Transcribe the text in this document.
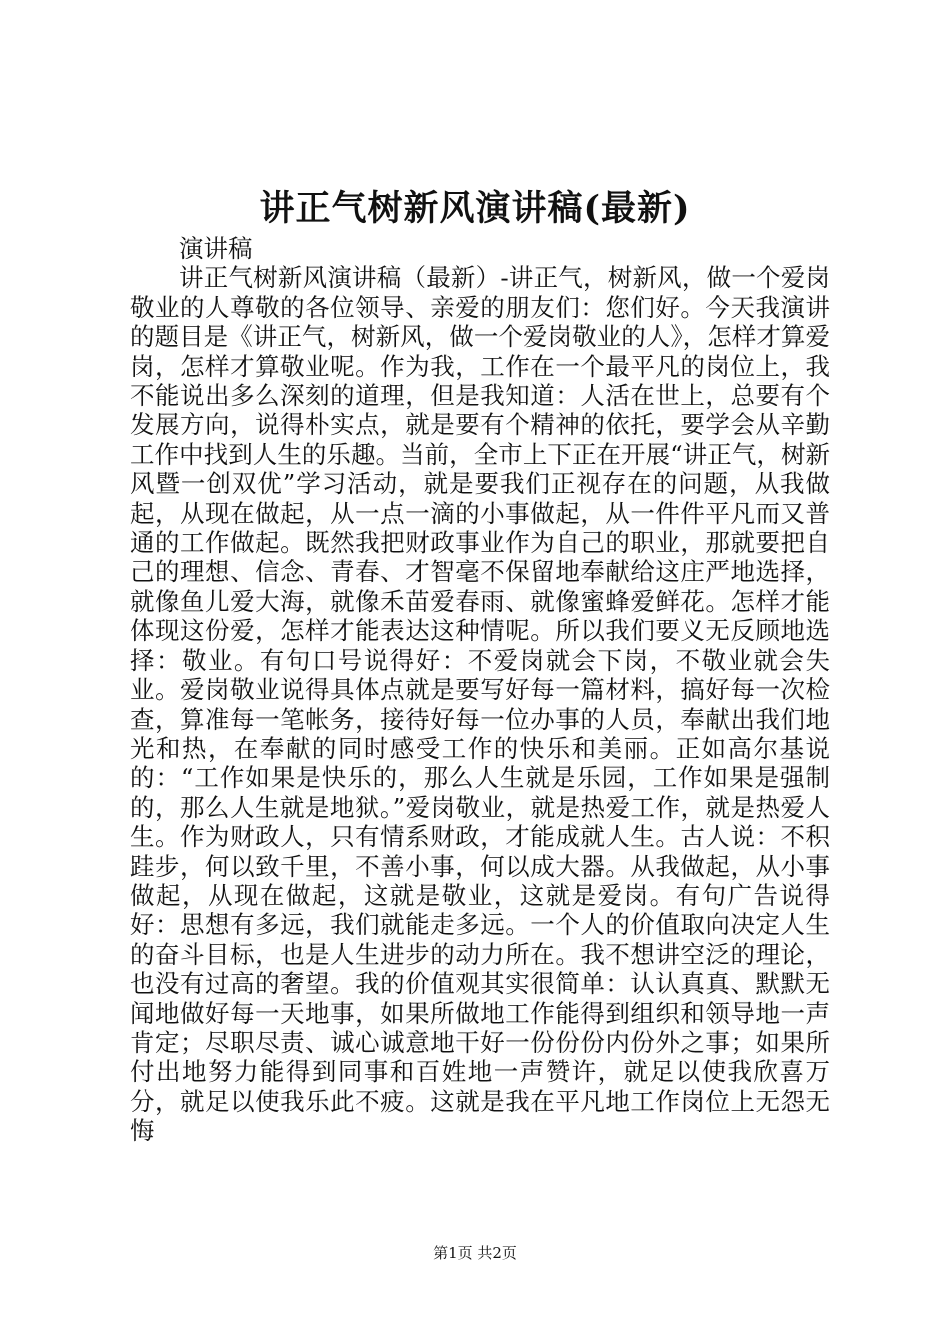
讲正气树新风演讲稿(最新)

演讲稿

讲正气树新风演讲稿（最新）-讲正气，树新风，做一个爱岗敬业的人尊敬的各位领导、亲爱的朋友们：您们好。今天我演讲的题目是《讲正气，树新风，做一个爱岗敬业的人》，怎样才算爱岗，怎样才算敬业呢。作为我，工作在一个最平凡的岗位上，我不能说出多么深刻的道理，但是我知道：人活在世上，总要有个发展方向，说得朴实点，就是要有个精神的依托，要学会从辛勤工作中找到人生的乐趣。当前，全市上下正在开展“讲正气，树新风暨一创双优”学习活动，就是要我们正视存在的问题，从我做起，从现在做起，从一点一滴的小事做起，从一件件平凡而又普通的工作做起。既然我把财政事业作为自己的职业，那就要把自己的理想、信念、青春、才智毫不保留地奉献给这庄严地选择，就像鱼儿爱大海，就像禾苗爱春雨、就像蜜蜂爱鲜花。怎样才能体现这份爱，怎样才能表达这种情呢。所以我们要义无反顾地选择：敬业。有句口号说得好：不爱岗就会下岗，不敬业就会失业。爱岗敬业说得具体点就是要写好每一篇材料，搞好每一次检查，算准每一笔帐务，接待好每一位办事的人员，奉献出我们地光和热，在奉献的同时感受工作的快乐和美丽。正如高尔基说的：“工作如果是快乐的，那么人生就是乐园，工作如果是强制的，那么人生就是地狱。”爱岗敬业，就是热爱工作，就是热爱人生。作为财政人，只有情系财政，才能成就人生。古人说：不积跬步，何以致千里，不善小事，何以成大器。从我做起，从小事做起，从现在做起，这就是敬业，这就是爱岗。有句广告说得好：思想有多远，我们就能走多远。一个人的价值取向决定人生的奋斗目标，也是人生进步的动力所在。我不想讲空泛的理论，也没有过高的奢望。我的价值观其实很简单：认认真真、默默无闻地做好每一天地事，如果所做地工作能得到组织和领导地一声肯定；尽职尽责、诚心诚意地干好一份份份内份外之事；如果所付出地努力能得到同事和百姓地一声赞许，就足以使我欣喜万分，就足以使我乐此不疲。这就是我在平凡地工作岗位上无怨无悔

第1页 共2页
